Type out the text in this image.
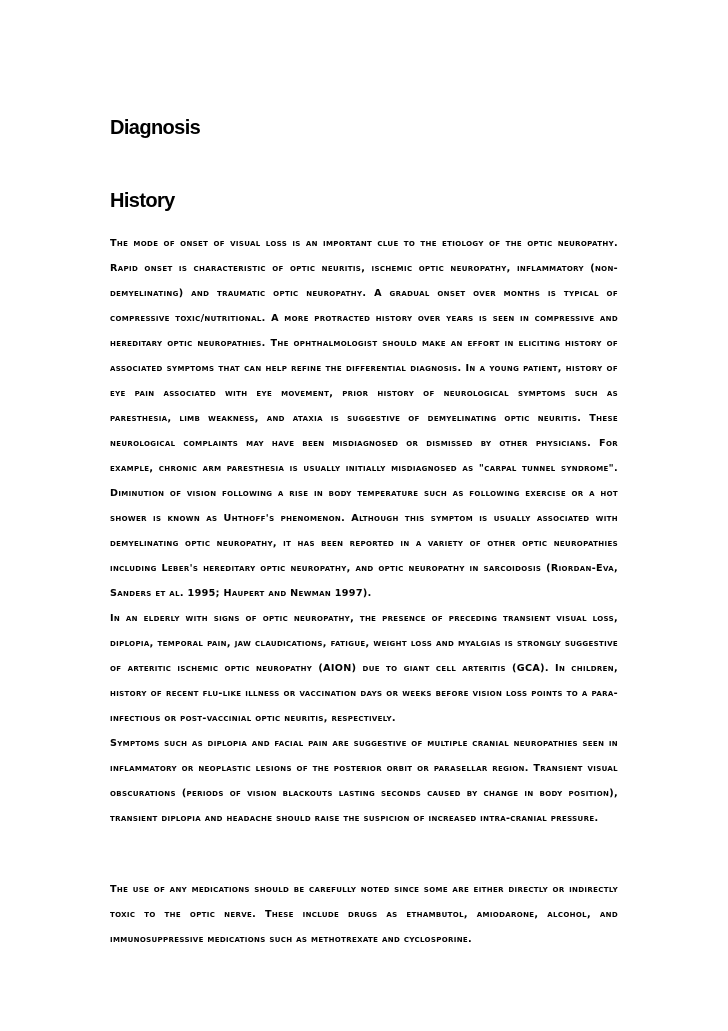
Diagnosis
History

The mode of onset of visual loss is an important clue to the etiology of the optic neuropathy. Rapid onset is characteristic of optic neuritis, ischemic optic neuropathy, inflammatory (non-demyelinating) and traumatic optic neuropathy. A gradual onset over months is typical of compressive toxic/nutritional. A more protracted history over years is seen in compressive and hereditary optic neuropathies. The ophthalmologist should make an effort in eliciting history of associated symptoms that can help refine the differential diagnosis. In a young patient, history of eye pain associated with eye movement, prior history of neurological symptoms such as paresthesia, limb weakness, and ataxia is suggestive of demyelinating optic neuritis. These neurological complaints may have been misdiagnosed or dismissed by other physicians. For example, chronic arm paresthesia is usually initially misdiagnosed as "carpal tunnel syndrome". Diminution of vision following a rise in body temperature such as following exercise or a hot shower is known as Uhthoff's phenomenon. Although this symptom is usually associated with demyelinating optic neuropathy, it has been reported in a variety of other optic neuropathies including Leber's hereditary optic neuropathy, and optic neuropathy in sarcoidosis (Riordan-Eva, Sanders et al. 1995; Haupert and Newman 1997).

In an elderly with signs of optic neuropathy, the presence of preceding transient visual loss, diplopia, temporal pain, jaw claudications, fatigue, weight loss and myalgias is strongly suggestive of arteritic ischemic optic neuropathy (AION) due to giant cell arteritis (GCA). In children, history of recent flu-like illness or vaccination days or weeks before vision loss points to a para-infectious or post-vaccinial optic neuritis, respectively.

Symptoms such as diplopia and facial pain are suggestive of multiple cranial neuropathies seen in inflammatory or neoplastic lesions of the posterior orbit or parasellar region. Transient visual obscurations (periods of vision blackouts lasting seconds caused by change in body position), transient diplopia and headache should raise the suspicion of increased intra-cranial pressure.

The use of any medications should be carefully noted since some are either directly or indirectly toxic to the optic nerve. These include drugs as ethambutol, amiodarone, alcohol, and immunosuppressive medications such as methotrexate and cyclosporine.
